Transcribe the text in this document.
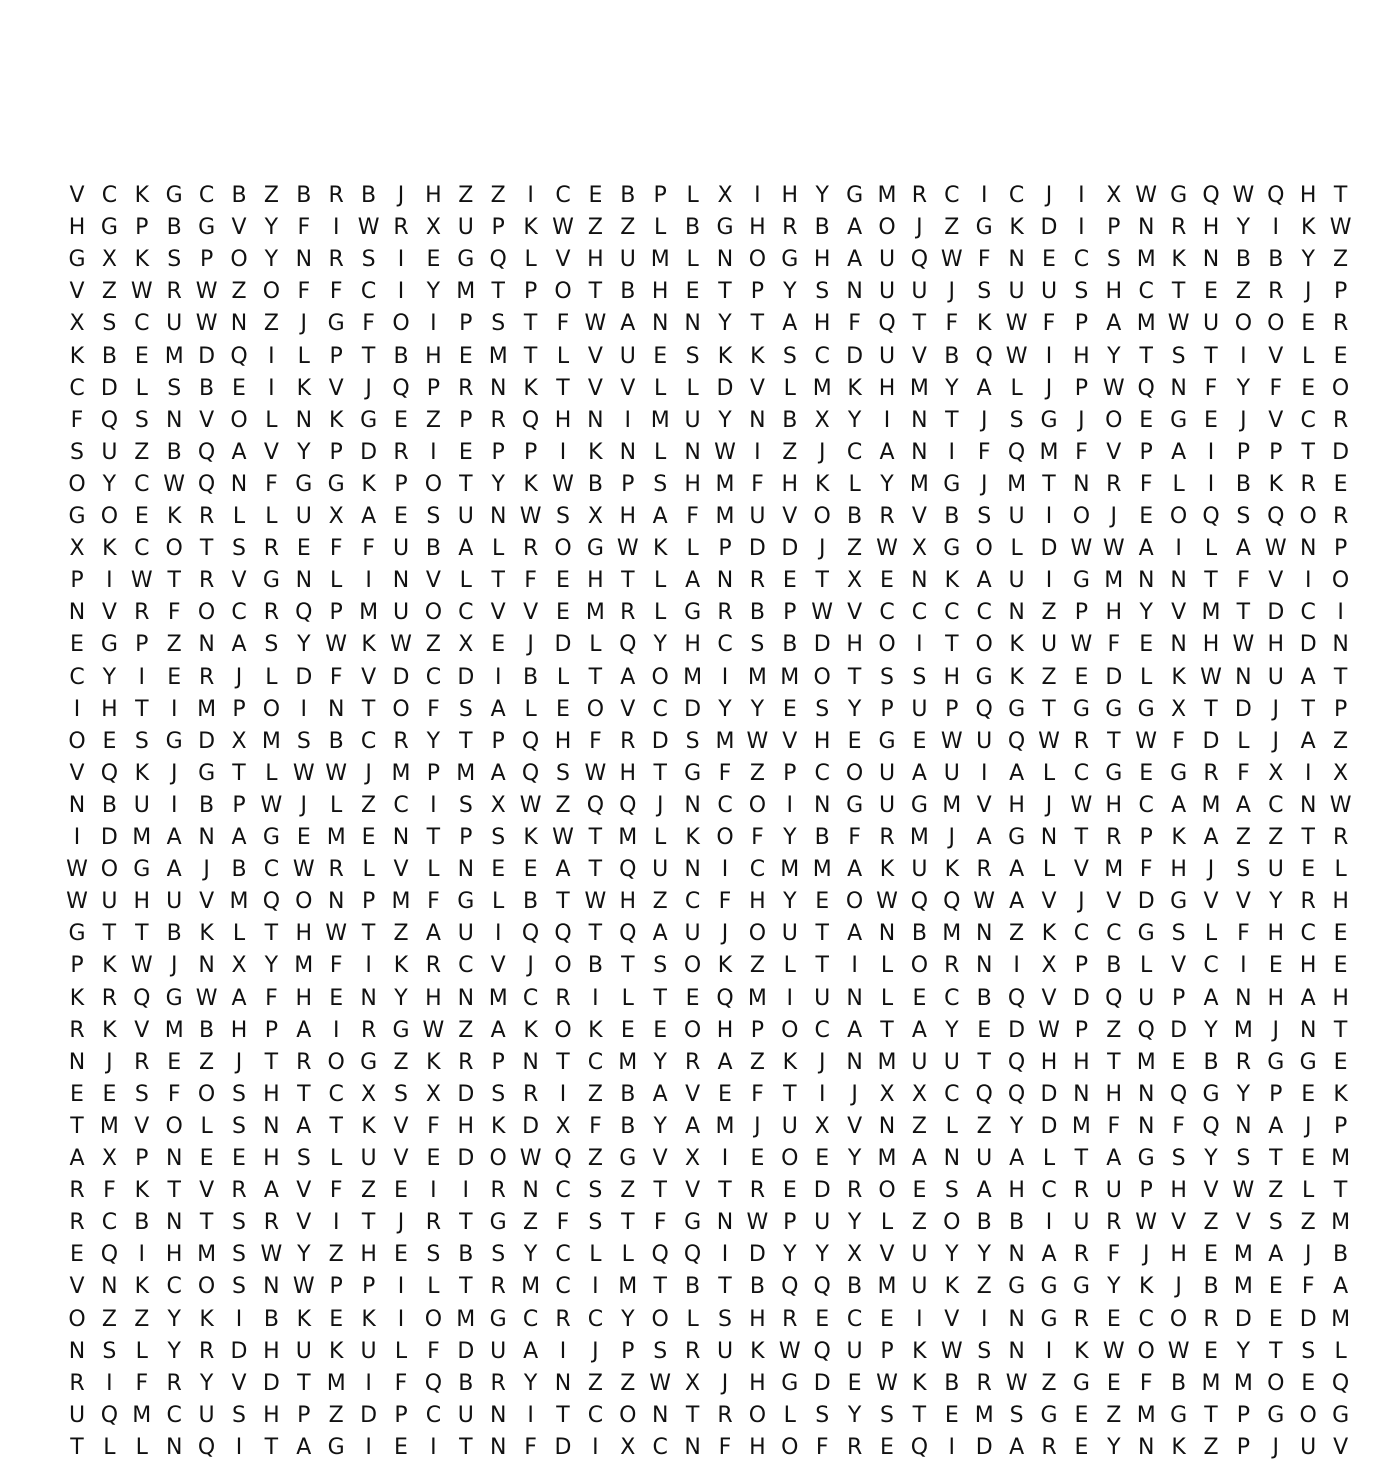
V C K G C B Z B R B J H Z Z I C E B P L X I H Y G M R C I C J	I X W G Q W Q H T
H G P B G V Y F	I W R X U P K W Z Z L B G H R B A O J Z G K D I	P N R H Y	I K W
G X K S P O Y N R S	I	E G Q L V H U M L N O G H A U Q W F N E C S M K N B B Y Z
V Z W R W Z O F F C I	Y M T P O T B H E T P Y S N U U J	S U U S H C T E Z R J	P
X S C U W N Z J G F O I	P S T F W A N N Y T A H F Q T F K W F P A M W U O O E R
K B E M D Q I	L P T B H E M T L V U E S K K S C D U V B Q W I H Y T S T	I V L E
C D L S B E	I K V J Q P R N K T V V L L D V L M K H M Y A L	J	P W Q N F Y F E O
F Q S N V O L N K G E Z P R Q H N I M U Y N B X Y	I N T	J	S G J O E G E	J V C R
S U Z B Q A V Y P D R I	E P P	I K N L N W I Z J C A N I	F Q M F V P A I	P P T D
O Y C W Q N F G G K P O T Y K W B P S H M F H K L Y M G J M T N R F L	I B K R E
G O E K R L L U X A E S U N W S X H A F M U V O B R V B S U I O J	E O Q S Q O R
X K C O T S R E F F U B A L R O G W K L P D D J Z W X G O L D W W A I	L A W N P
P	I W T R V G N L	I N V L T F E H T L A N R E T X E N K A U I G M N N T F V I O
N V R F O C R Q P M U O C V V E M R L G R B P W V C C C C N Z P H Y V M T D C I
E G P Z N A S Y W K W Z X E	J D L Q Y H C S B D H O I	T O K U W F E N H W H D N
C Y	I	E R J	L D F V D C D I B L T A O M I M M O T S S H G K Z E D L K W N U A T
I H T	I M P O I N T O F S A L E O V C D Y Y E S Y P U P Q G T G G G X T D J	T P
O E S G D X M S B C R Y T P Q H F R D S M W V H E G E W U Q W R T W F D L	J A Z
V Q K J G T L W W J M P M A Q S W H T G F Z P C O U A U I A L C G E G R F X I X
N B U I B P W J	L Z C I	S X W Z Q Q J N C O I N G U G M V H J W H C A M A C N W
I D M A N A G E M E N T P S K W T M L K O F Y B F R M J A G N T R P K A Z Z T R
W O G A J B C W R L V L N E E A T Q U N I C M M A K U K R A L V M F H J	S U E L
W U H U V M Q O N P M F G L B T W H Z C F H Y E O W Q Q W A V J V D G V V Y R H
G T T B K L T H W T Z A U I Q Q T Q A U J O U T A N B M N Z K C C G S L F H C E
P K W J N X Y M F	I K R C V J O B T S O K Z L T	I	L O R N I X P B L V C I	E H E
K R Q G W A F H E N Y H N M C R I	L T E Q M I U N L E C B Q V D Q U P A N H A H
R K V M B H P A I R G W Z A K O K E E O H P O C A T A Y E D W P Z Q D Y M J N T
N J R E Z J	T R O G Z K R P N T C M Y R A Z K J N M U U T Q H H T M E B R G G E
E E S F O S H T C X S X D S R I Z B A V E F T	I	J X X C Q Q D N H N Q G Y P E K
T M V O L S N A T K V F H K D X F B Y A M J U X V N Z L Z Y D M F N F Q N A J	P
A X P N E E H S L U V E D O W Q Z G V X I	E O E Y M A N U A L T A G S Y S T E M
R F K T V R A V F Z E	I	I R N C S Z T V T R E D R O E S A H C R U P H V W Z L T
R C B N T S R V I	T	J R T G Z F S T F G N W P U Y L Z O B B I U R W V Z V S Z M
E Q I H M S W Y Z H E S B S Y C L L Q Q I D Y Y X V U Y Y N A R F	J H E M A J B
V N K C O S N W P P	I	L T R M C I M T B T B Q Q B M U K Z G G G Y K J B M E F A
O Z Z Y K I B K E K I O M G C R C Y O L S H R E C E	I V I N G R E C O R D E D M
N S L Y R D H U K U L F D U A I	J	P S R U K W Q U P K W S N I K W O W E Y T S L
R I	F R Y V D T M I	F Q B R Y N Z Z W X J H G D E W K B R W Z G E F B M M O E Q
U Q M C U S H P Z D P C U N I	T C O N T R O L S Y S T E M S G E Z M G T P G O G
T L L N Q I	T A G I	E	I	T N F D I X C N F H O F R E Q I D A R E Y N K Z P	J U V
